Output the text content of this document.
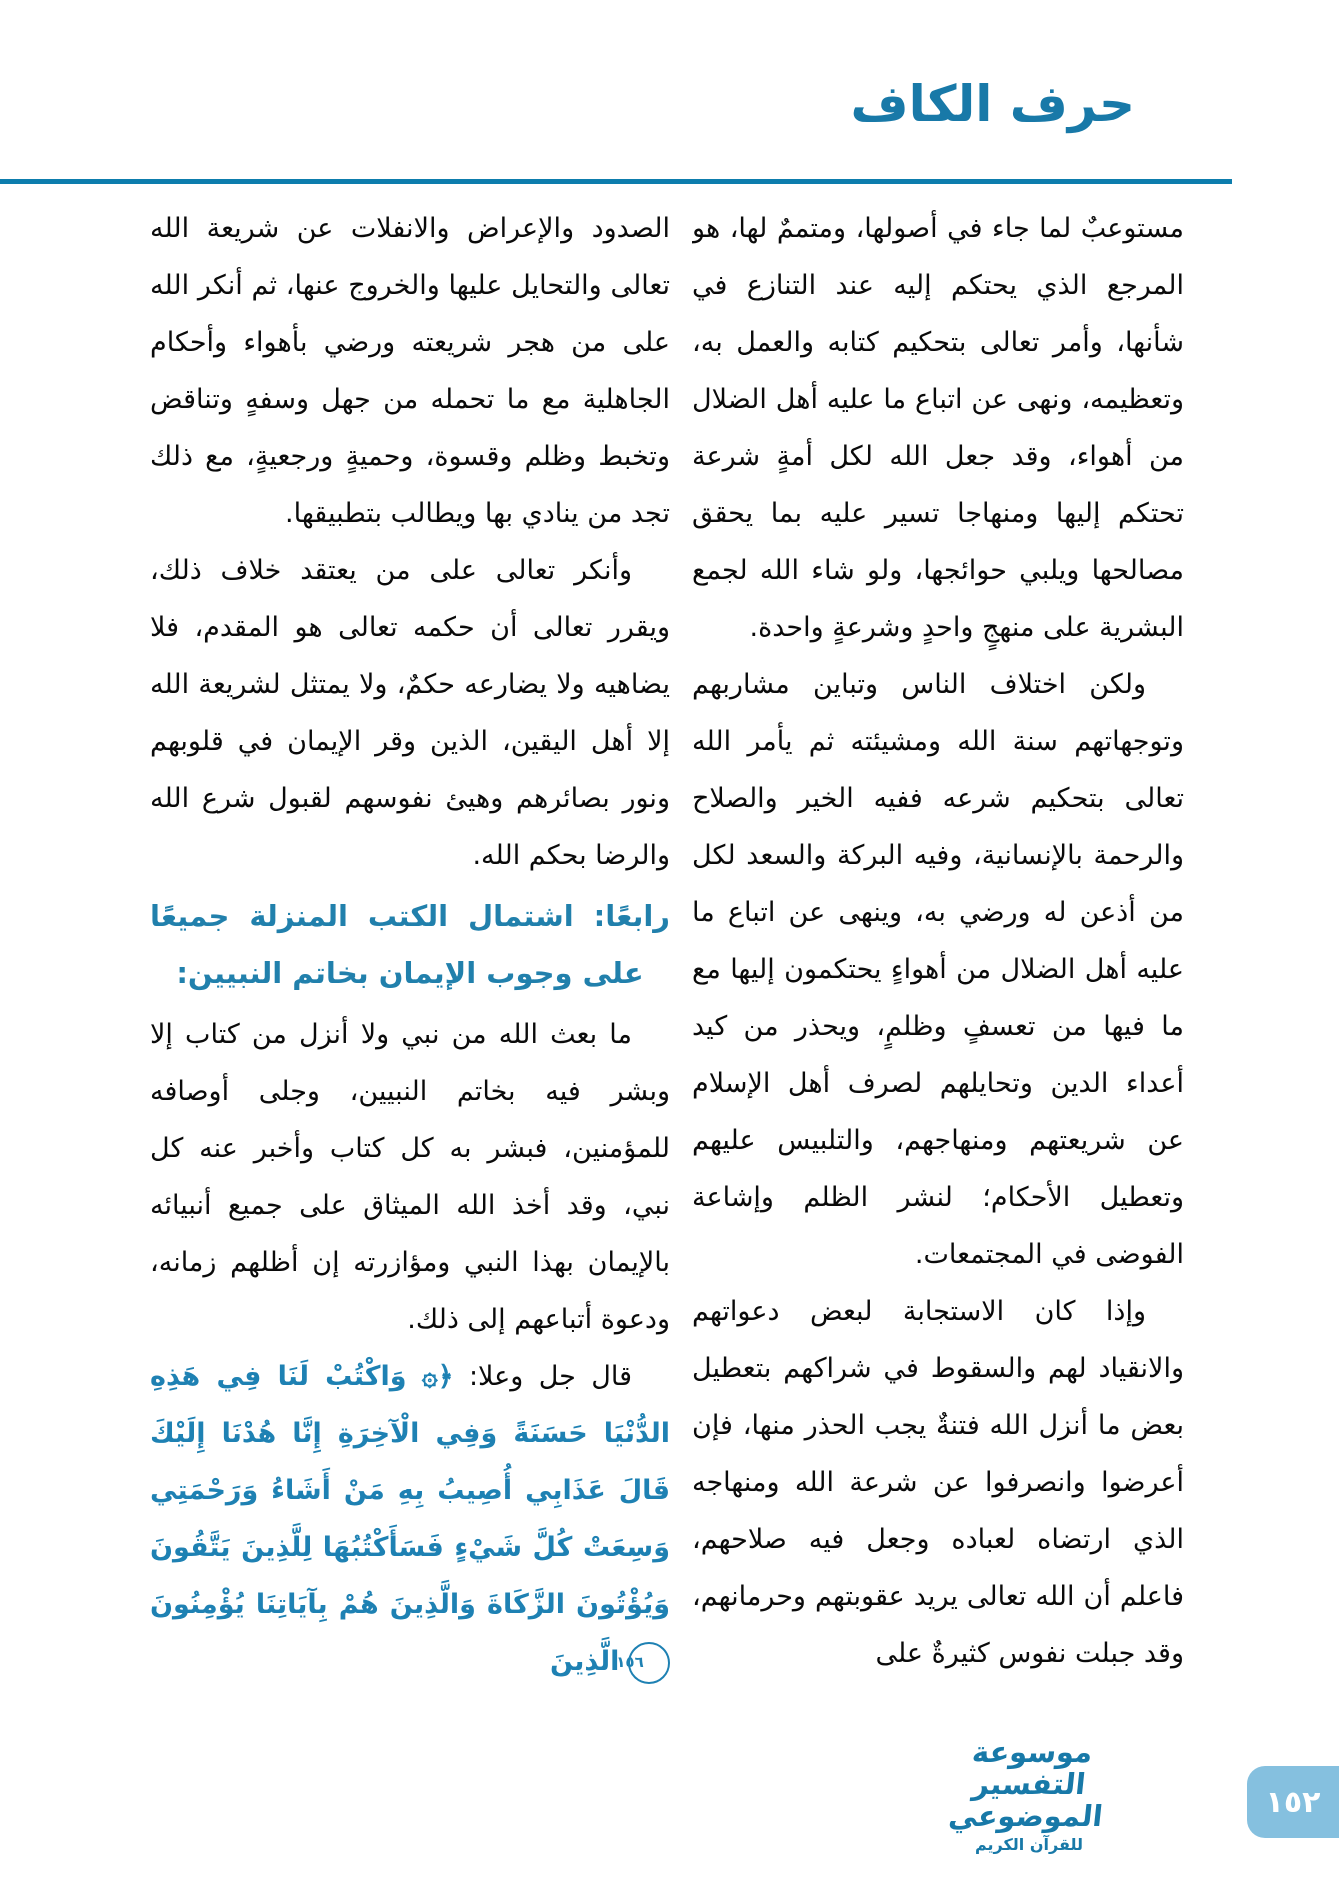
حرف الكاف

مستوعبٌ لما جاء في أصولها، ومتممٌ لها، هو المرجع الذي يحتكم إليه عند التنازع في شأنها، وأمر تعالى بتحكيم كتابه والعمل به، وتعظيمه، ونهى عن اتباع ما عليه أهل الضلال من أهواء، وقد جعل الله لكل أمةٍ شرعة تحتكم إليها ومنهاجا تسير عليه بما يحقق مصالحها ويلبي حوائجها، ولو شاء الله لجمع البشرية على منهجٍ واحدٍ وشرعةٍ واحدة.

ولكن اختلاف الناس وتباين مشاربهم وتوجهاتهم سنة الله ومشيئته ثم يأمر الله تعالى بتحكيم شرعه ففيه الخير والصلاح والرحمة بالإنسانية، وفيه البركة والسعد لكل من أذعن له ورضي به، وينهى عن اتباع ما عليه أهل الضلال من أهواءٍ يحتكمون إليها مع ما فيها من تعسفٍ وظلمٍ، ويحذر من كيد أعداء الدين وتحايلهم لصرف أهل الإسلام عن شريعتهم ومنهاجهم، والتلبيس عليهم وتعطيل الأحكام؛ لنشر الظلم وإشاعة الفوضى في المجتمعات.

وإذا كان الاستجابة لبعض دعواتهم والانقياد لهم والسقوط في شراكهم بتعطيل بعض ما أنزل الله فتنةٌ يجب الحذر منها، فإن أعرضوا وانصرفوا عن شرعة الله ومنهاجه الذي ارتضاه لعباده وجعل فيه صلاحهم، فاعلم أن الله تعالى يريد عقوبتهم وحرمانهم، وقد جبلت نفوس كثيرةٌ على

الصدود والإعراض والانفلات عن شريعة الله تعالى والتحايل عليها والخروج عنها، ثم أنكر الله على من هجر شريعته ورضي بأهواء وأحكام الجاهلية مع ما تحمله من جهل وسفهٍ وتناقض وتخبط وظلم وقسوة، وحميةٍ ورجعيةٍ، مع ذلك تجد من ينادي بها ويطالب بتطبيقها.

وأنكر تعالى على من يعتقد خلاف ذلك، ويقرر تعالى أن حكمه تعالى هو المقدم، فلا يضاهيه ولا يضارعه حكمٌ، ولا يمتثل لشريعة الله إلا أهل اليقين، الذين وقر الإيمان في قلوبهم ونور بصائرهم وهيئ نفوسهم لقبول شرع الله والرضا بحكم الله.

رابعًا: اشتمال الكتب المنزلة جميعًا
على وجوب الإيمان بخاتم النبيين:

ما بعث الله من نبي ولا أنزل من كتاب إلا وبشر فيه بخاتم النبيين، وجلى أوصافه للمؤمنين، فبشر به كل كتاب وأخبر عنه كل نبي، وقد أخذ الله الميثاق على جميع أنبيائه بالإيمان بهذا النبي ومؤازرته إن أظلهم زمانه، ودعوة أتباعهم إلى ذلك.

قال جل وعلا: ﴿۞ وَاكْتُبْ لَنَا فِي هَذِهِ الدُّنْيَا حَسَنَةً وَفِي الْآخِرَةِ إِنَّا هُدْنَا إِلَيْكَ قَالَ عَذَابِي أُصِيبُ بِهِ مَنْ أَشَاءُ وَرَحْمَتِي وَسِعَتْ كُلَّ شَيْءٍ فَسَأَكْتُبُهَا لِلَّذِينَ يَتَّقُونَ وَيُؤْتُونَ الزَّكَاةَ وَالَّذِينَ هُمْ بِآيَاتِنَا يُؤْمِنُونَ
١٥٦
الَّذِينَ

موسوعة التفسير الموضوعي
للقرآن الكريم
١٥٢
